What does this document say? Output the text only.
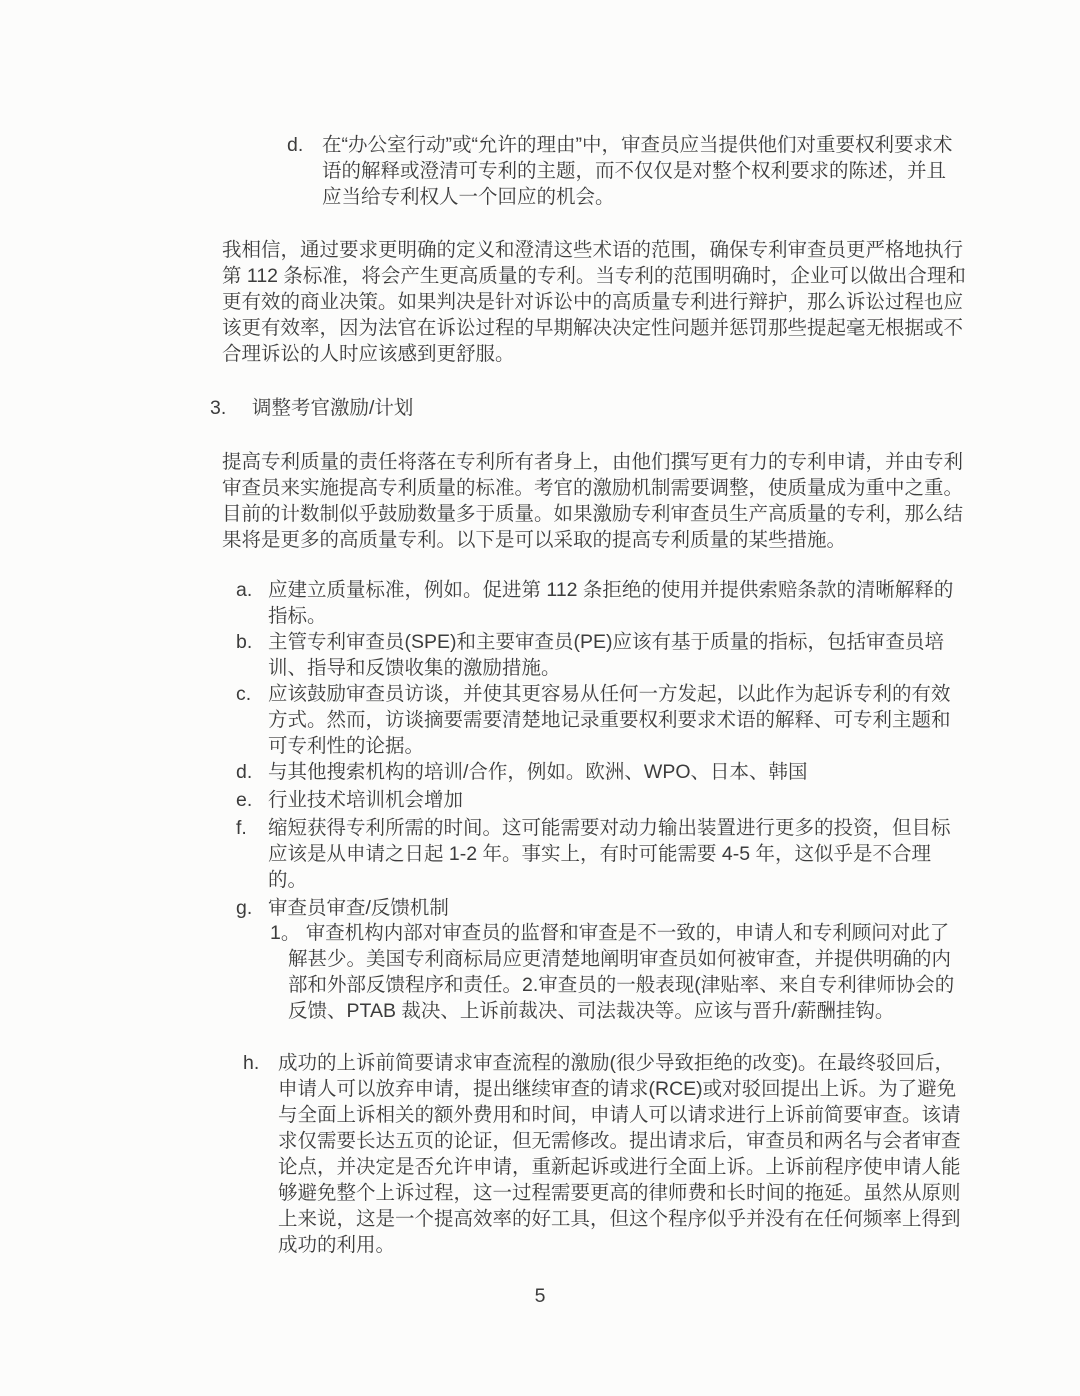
d. 在“办公室行动”或“允许的理由”中，审查员应当提供他们对重要权利要求术语的解释或澄清可专利的主题，而不仅仅是对整个权利要求的陈述，并且应当给专利权人一个回应的机会。
我相信，通过要求更明确的定义和澄清这些术语的范围，确保专利审查员更严格地执行第 112 条标准，将会产生更高质量的专利。当专利的范围明确时，企业可以做出合理和更有效的商业决策。如果判决是针对诉讼中的高质量专利进行辩护，那么诉讼过程也应该更有效率，因为法官在诉讼过程的早期解决决定性问题并惩罚那些提起毫无根据或不合理诉讼的人时应该感到更舒服。
3.	调整考官激励/计划
提高专利质量的责任将落在专利所有者身上，由他们撰写更有力的专利申请，并由专利审查员来实施提高专利质量的标准。考官的激励机制需要调整，使质量成为重中之重。目前的计数制似乎鼓励数量多于质量。如果激励专利审查员生产高质量的专利，那么结果将是更多的高质量专利。以下是可以采取的提高专利质量的某些措施。
a. 应建立质量标准，例如。促进第 112 条拒绝的使用并提供索赔条款的清晰解释的指标。
b. 主管专利审查员(SPE)和主要审查员(PE)应该有基于质量的指标，包括审查员培训、指导和反馈收集的激励措施。
c. 应该鼓励审查员访谈，并使其更容易从任何一方发起，以此作为起诉专利的有效方式。然而，访谈摘要需要清楚地记录重要权利要求术语的解释、可专利主题和可专利性的论据。
d. 与其他搜索机构的培训/合作，例如。欧洲、WPO、日本、韩国
e. 行业技术培训机会增加
f.	缩短获得专利所需的时间。这可能需要对动力输出装置进行更多的投资，但目标应该是从申请之日起 1-2 年。事实上，有时可能需要 4-5 年，这似乎是不合理的。
g. 审查员审查/反馈机制
1。 审查机构内部对审查员的监督和审查是不一致的，申请人和专利顾问对此了解甚少。美国专利商标局应更清楚地阐明审查员如何被审查，并提供明确的内部和外部反馈程序和责任。2.审查员的一般表现(津贴率、来自专利律师协会的反馈、PTAB 裁决、上诉前裁决、司法裁决等。应该与晋升/薪酬挂钩。
h. 成功的上诉前简要请求审查流程的激励(很少导致拒绝的改变)。在最终驳回后，申请人可以放弃申请，提出继续审查的请求(RCE)或对驳回提出上诉。为了避免与全面上诉相关的额外费用和时间，申请人可以请求进行上诉前简要审查。该请求仅需要长达五页的论证，但无需修改。提出请求后，审查员和两名与会者审查论点，并决定是否允许申请，重新起诉或进行全面上诉。上诉前程序使申请人能够避免整个上诉过程，这一过程需要更高的律师费和长时间的拖延。虽然从原则上来说，这是一个提高效率的好工具，但这个程序似乎并没有在任何频率上得到成功的利用。
5
